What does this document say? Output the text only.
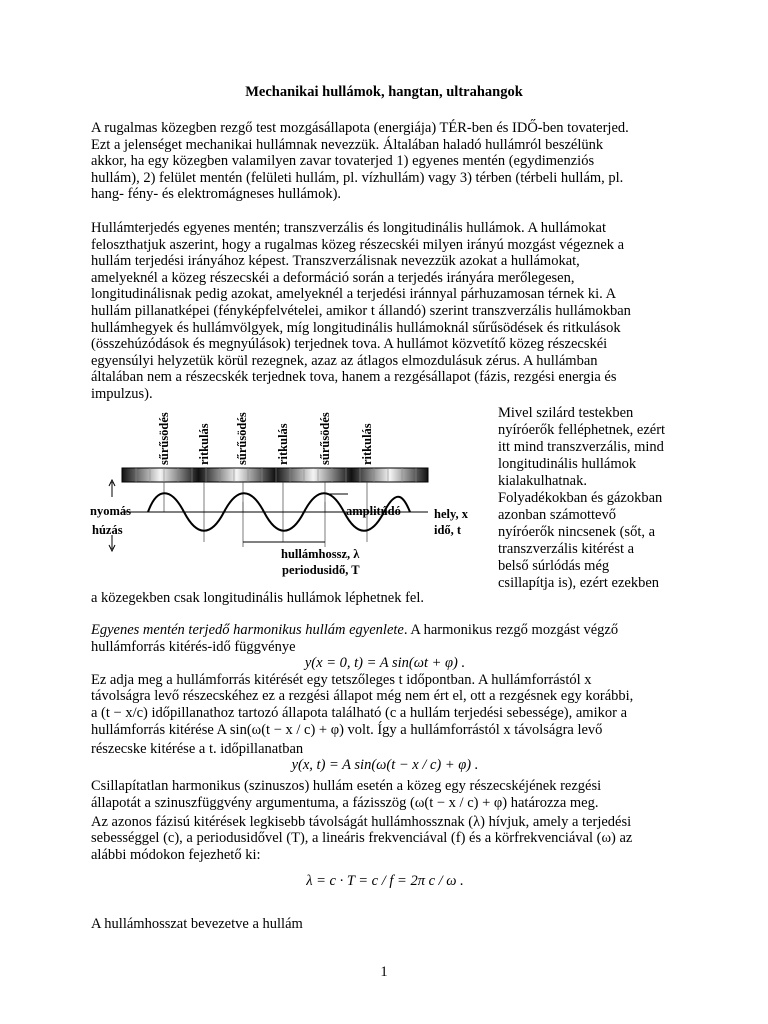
Mechanikai hullámok, hangtan, ultrahangok
A rugalmas közegben rezgő test mozgásállapota (energiája) TÉR-ben és IDŐ-ben tovaterjed.
Ezt a jelenséget mechanikai hullámnak nevezzük. Általában haladó hullámról beszélünk
akkor, ha egy közegben valamilyen zavar tovaterjed 1) egyenes mentén (egydimenziós
hullám), 2) felület mentén (felületi hullám, pl. vízhullám) vagy 3) térben (térbeli hullám, pl.
hang- fény- és elektromágneses hullámok).
Hullámterjedés egyenes mentén; transzverzális és longitudinális hullámok. A hullámokat
feloszthatjuk aszerint, hogy a rugalmas közeg részecskéi milyen irányú mozgást végeznek a
hullám terjedési irányához képest. Transzverzálisnak nevezzük azokat a hullámokat,
amelyeknél a közeg részecskéi a deformáció során a terjedés irányára merőlegesen,
longitudinálisnak pedig azokat, amelyeknél a terjedési iránnyal párhuzamosan térnek ki. A
hullám pillanatképei (fényképfelvételei, amikor t állandó) szerint transzverzális hullámokban
hullámhegyek és hullámvölgyek, míg longitudinális hullámoknál sűrűsödések és ritkulások
(összehúzódások és megnyúlások) terjednek tova. A hullámot közvetítő közeg részecskéi
egyensúlyi helyzetük körül rezegnek, azaz az átlagos elmozdulásuk zérus. A hullámban
általában nem a részecskék terjednek tova, hanem a rezgésállapot (fázis, rezgési energia és
impulzus).
sűrűsödés ritkulás sűrűsödés ritkulás sűrűsödés ritkulás
nyomás
húzás
amplitúdó	hely, x
idő, t
hullámhossz, λ
periodusidő, T
Mivel szilárd testekben
nyíróerők felléphetnek, ezért
itt mind transzverzális, mind
longitudinális hullámok
kialakulhatnak.
Folyadékokban és gázokban
azonban számottevő
nyíróerők nincsenek (sőt, a
transzverzális kitérést a
belső súrlódás még
csillapítja is), ezért ezekben
a közegekben csak longitudinális hullámok léphetnek fel.
Egyenes mentén terjedő harmonikus hullám egyenlete. A harmonikus rezgő mozgást végző
hullámforrás kitérés-idő függvénye
y(x = 0, t) = A sin(ωt + φ) .
Ez adja meg a hullámforrás kitérését egy tetszőleges t időpontban. A hullámforrástól x
távolságra levő részecskéhez ez a rezgési állapot még nem ért el, ott a rezgésnek egy korábbi,
a (t − x/c) időpillanathoz tartozó állapota található (c a hullám terjedési sebessége), amikor a
hullámforrás kitérése A sin(ω(t − x / c) + φ) volt. Így a hullámforrástól x távolságra levő
részecske kitérése a t. időpillanatban
y(x, t) = A sin(ω(t − x / c) + φ) .
Csillapítatlan harmonikus (szinuszos) hullám esetén a közeg egy részecskéjének rezgési
állapotát a szinuszfüggvény argumentuma, a fázisszög (ω(t − x / c) + φ) határozza meg.
Az azonos fázisú kitérések legkisebb távolságát hullámhossznak (λ) hívjuk, amely a terjedési
sebességgel (c), a periodusidővel (T), a lineáris frekvenciával (f) és a körfrekvenciával (ω) az
alábbi módokon fejezhető ki:
λ = c · T = c / f = 2π c / ω .
A hullámhosszat bevezetve a hullám
1
